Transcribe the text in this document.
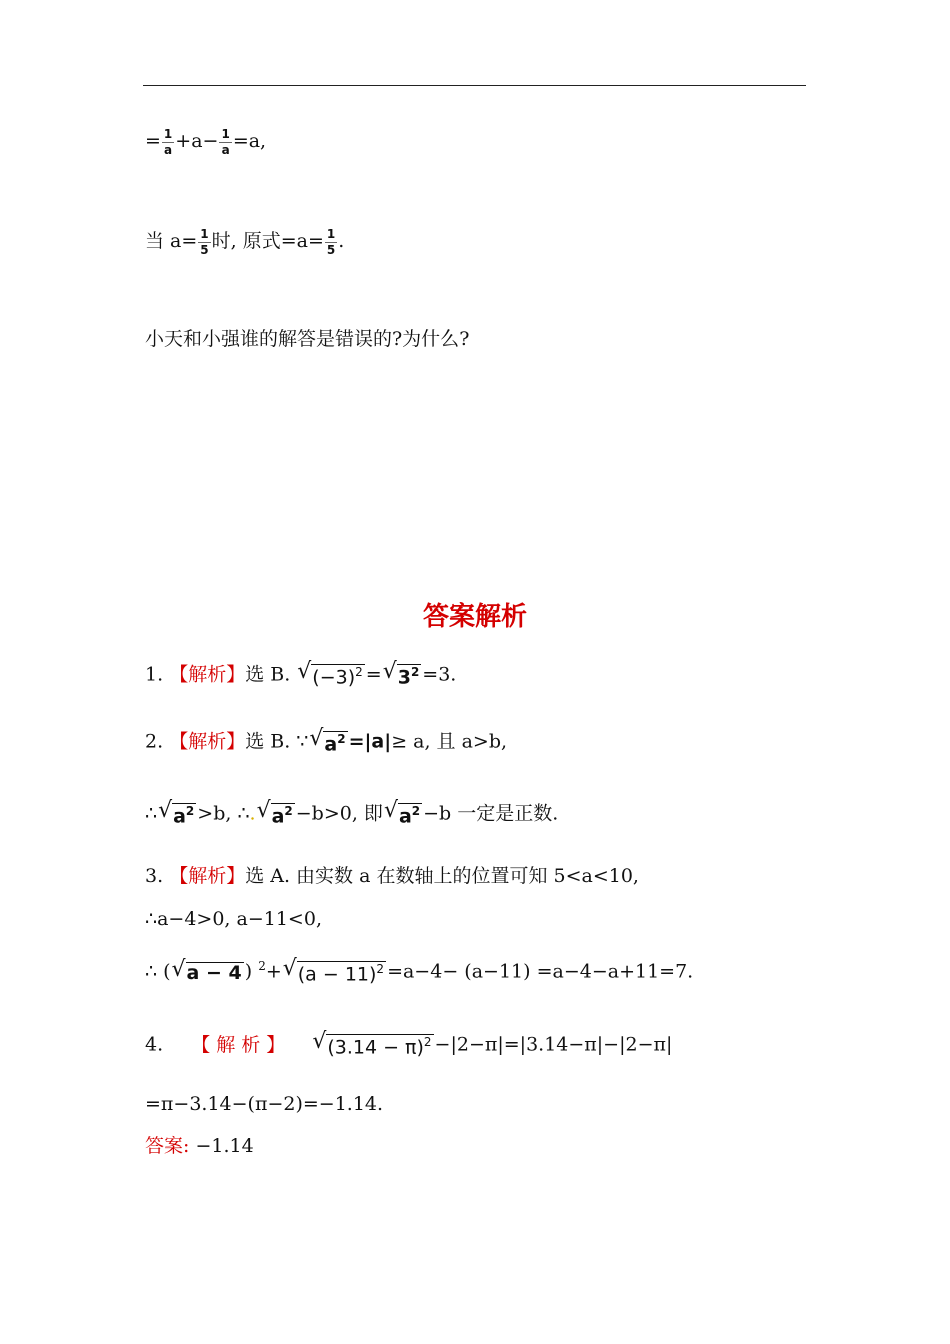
= $\frac{1}{a} +a- \frac{1}{a} =a$,
当 $a= \frac{1}{5}$ 时, 原式$=a= \frac{1}{5}$ .
小天和小强谁的解答是错误的?为什么?
答案解析
1. 【解析】选 B. √ $(-3)^2$ = √ $3^2 =3$.
2. 【解析】选 B. ∵ √ $a^2 =|a|\ge a$, 且 a>b,
∴ √ $a^2 >b$, ∴. √ $a^2 -b>0$, 即 √ $a^2 -b$ 一定是正数.
3. 【解析】选 A. 由实数 a 在数轴上的位置可知 5<a<10,
∴a−4>0, a−11<0,
∴ ( √ a − 4 ) $^2$+ √ $(a - 11)^2 =a-4- (a-11) =a-4-a+11=7$.
4. 【 解 析 】 √ $(3.14 - \pi)^2 -|2-\pi|=|3.14-\pi|-|2-\pi|$
=π−3.14−(π−2)=−1.14.
答案: −1.14
